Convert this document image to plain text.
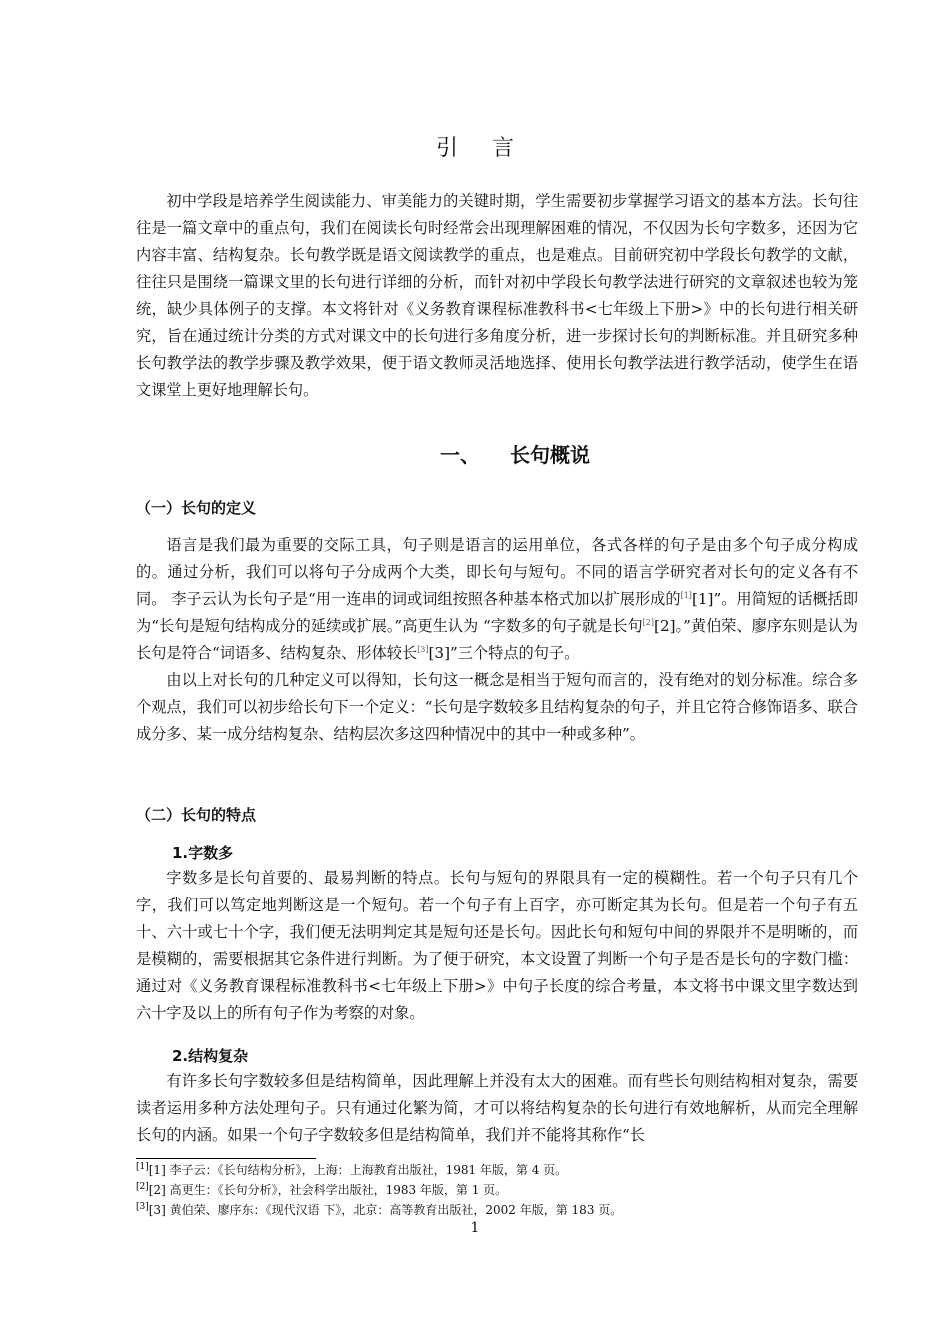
引言

初中学段是培养学生阅读能力、审美能力的关键时期，学生需要初步掌握学习语文的基本方法。长句往往是一篇文章中的重点句，我们在阅读长句时经常会出现理解困难的情况，不仅因为长句字数多，还因为它内容丰富、结构复杂。长句教学既是语文阅读教学的重点，也是难点。目前研究初中学段长句教学的文献，往往只是围绕一篇课文里的长句进行详细的分析，而针对初中学段长句教学法进行研究的文章叙述也较为笼统，缺少具体例子的支撑。本文将针对《义务教育课程标准教科书<七年级上下册>》中的长句进行相关研究，旨在通过统计分类的方式对课文中的长句进行多角度分析，进一步探讨长句的判断标准。并且研究多种长句教学法的教学步骤及教学效果，便于语文教师灵活地选择、使用长句教学法进行教学活动，使学生在语文课堂上更好地理解长句。

一、 长句概说
（一）长句的定义

语言是我们最为重要的交际工具，句子则是语言的运用单位，各式各样的句子是由多个句子成分构成的。通过分析，我们可以将句子分成两个大类，即长句与短句。不同的语言学研究者对长句的定义各有不同。 李子云认为长句子是“用一连串的词或词组按照各种基本格式加以扩展形成的[1][1]”。用简短的话概括即为“长句是短句结构成分的延续或扩展。”高更生认为 “字数多的句子就是长句[2][2]。”黄伯荣、廖序东则是认为长句是符合“词语多、结构复杂、形体较长[3][3]”三个特点的句子。

由以上对长句的几种定义可以得知，长句这一概念是相当于短句而言的，没有绝对的划分标准。综合多个观点，我们可以初步给长句下一个定义：“长句是字数较多且结构复杂的句子，并且它符合修饰语多、联合成分多、某一成分结构复杂、结构层次多这四种情况中的其中一种或多种”。

（二）长句的特点
1.字数多

字数多是长句首要的、最易判断的特点。长句与短句的界限具有一定的模糊性。若一个句子只有几个字，我们可以笃定地判断这是一个短句。若一个句子有上百字，亦可断定其为长句。但是若一个句子有五十、六十或七十个字，我们便无法明判定其是短句还是长句。因此长句和短句中间的界限并不是明晰的，而是模糊的，需要根据其它条件进行判断。为了便于研究，本文设置了判断一个句子是否是长句的字数门槛：通过对《义务教育课程标准教科书<七年级上下册>》中句子长度的综合考量，本文将书中课文里字数达到六十字及以上的所有句子作为考察的对象。

2.结构复杂

有许多长句字数较多但是结构简单，因此理解上并没有太大的困难。而有些长句则结构相对复杂，需要读者运用多种方法处理句子。只有通过化繁为简，才可以将结构复杂的长句进行有效地解析，从而完全理解长句的内涵。如果一个句子字数较多但是结构简单，我们并不能将其称作“长

[1][1] 李子云：《长句结构分析》，上海：上海教育出版社，1981 年版，第 4 页。
[2][2] 高更生：《长句分析》，社会科学出版社，1983 年版，第 1 页。
[3][3] 黄伯荣、廖序东：《现代汉语 下》，北京：高等教育出版社，2002 年版，第 183 页。
1
